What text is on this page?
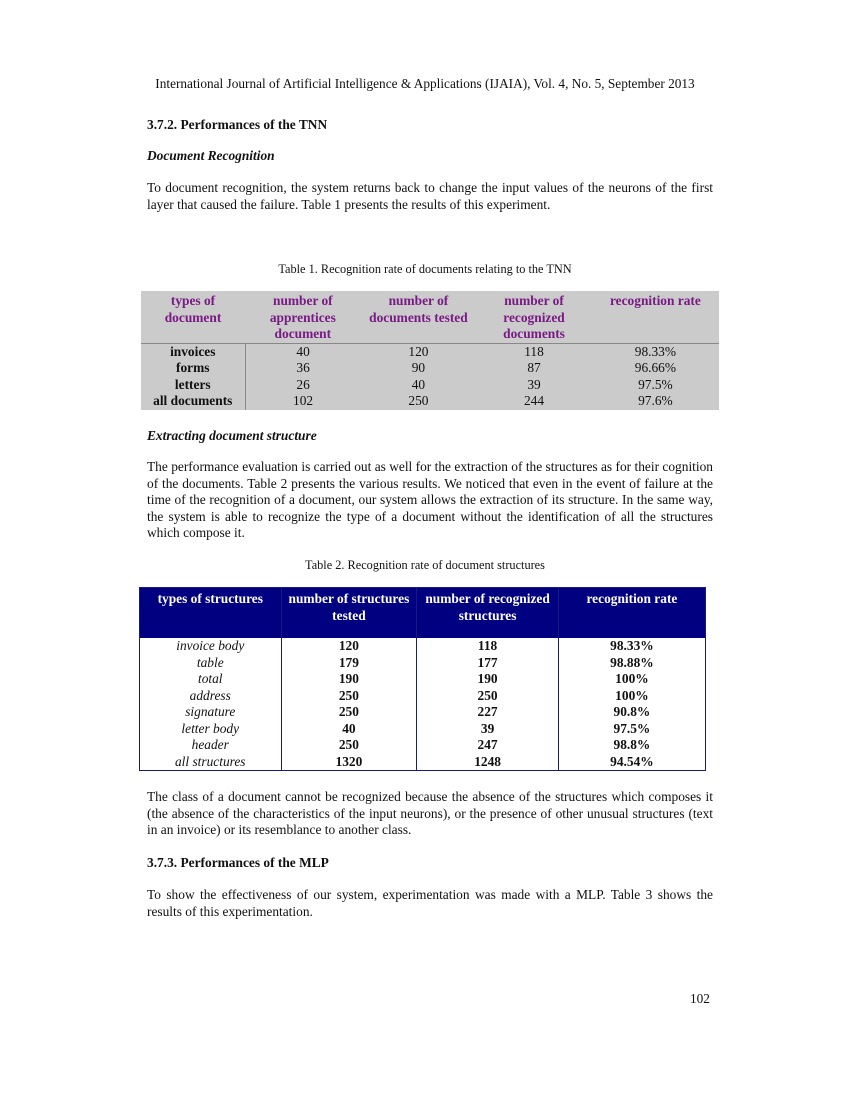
International Journal of Artificial Intelligence & Applications (IJAIA), Vol. 4, No. 5, September 2013
3.7.2. Performances of the TNN
Document Recognition

To document recognition, the system returns back to change the input values of the neurons of the first layer that caused the failure. Table 1 presents the results of this experiment.

Table 1. Recognition rate of documents relating to the TNN
types of document	number of apprentices document	number of documents tested	number of recognized documents	recognition rate
invoices	40	120	118	98.33%
forms	36	90	87	96.66%
letters	26	40	39	97.5%
all documents	102	250	244	97.6%
Extracting document structure

The performance evaluation is carried out as well for the extraction of the structures as for their cognition of the documents. Table 2 presents the various results. We noticed that even in the event of failure at the time of the recognition of a document, our system allows the extraction of its structure. In the same way, the system is able to recognize the type of a document without the identification of all the structures which compose it.

Table 2. Recognition rate of document structures
types of structures	number of structures tested	number of recognized structures	recognition rate
invoice body	120	118	98.33%
table	179	177	98.88%
total	190	190	100%
address	250	250	100%
signature	250	227	90.8%
letter body	40	39	97.5%
header	250	247	98.8%
all structures	1320	1248	94.54%

The class of a document cannot be recognized because the absence of the structures which composes it (the absence of the characteristics of the input neurons), or the presence of other unusual structures (text in an invoice) or its resemblance to another class.

3.7.3. Performances of the MLP

To show the effectiveness of our system, experimentation was made with a MLP. Table 3 shows the results of this experimentation.

102
